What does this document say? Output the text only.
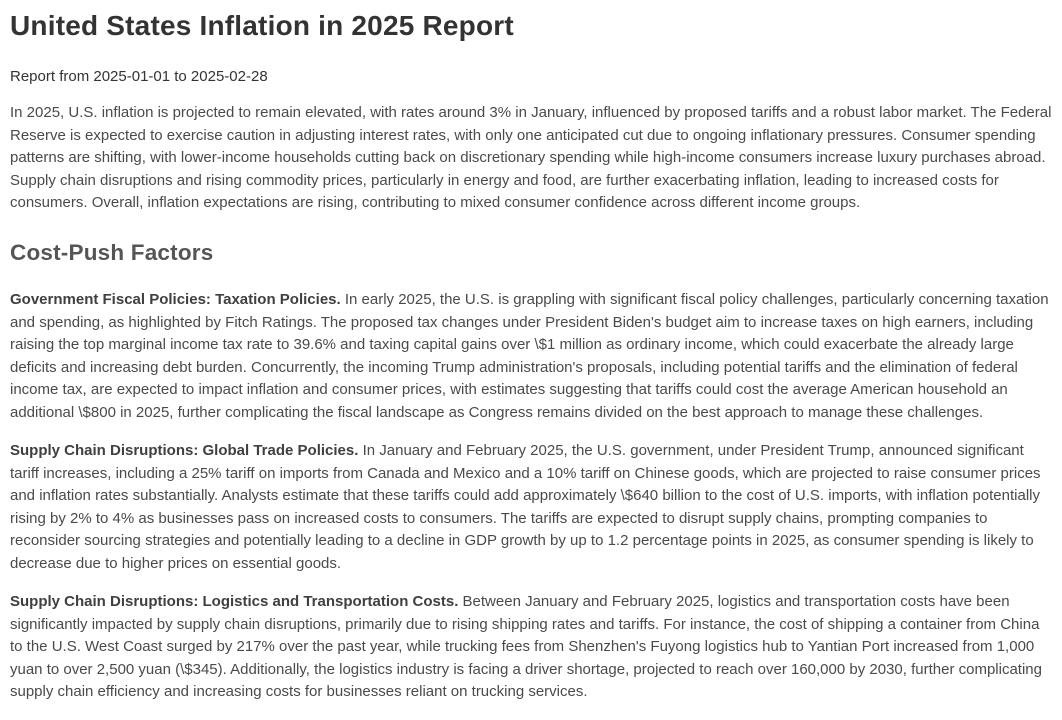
United States Inflation in 2025 Report

Report from 2025-01-01 to 2025-02-28

In 2025, U.S. inflation is projected to remain elevated, with rates around 3% in January, influenced by proposed tariffs and a robust labor market. The Federal Reserve is expected to exercise caution in adjusting interest rates, with only one anticipated cut due to ongoing inflationary pressures. Consumer spending patterns are shifting, with lower-income households cutting back on discretionary spending while high-income consumers increase luxury purchases abroad. Supply chain disruptions and rising commodity prices, particularly in energy and food, are further exacerbating inflation, leading to increased costs for consumers. Overall, inflation expectations are rising, contributing to mixed consumer confidence across different income groups.

Cost-Push Factors

Government Fiscal Policies: Taxation Policies. In early 2025, the U.S. is grappling with significant fiscal policy challenges, particularly concerning taxation and spending, as highlighted by Fitch Ratings. The proposed tax changes under President Biden's budget aim to increase taxes on high earners, including raising the top marginal income tax rate to 39.6% and taxing capital gains over \$1 million as ordinary income, which could exacerbate the already large deficits and increasing debt burden. Concurrently, the incoming Trump administration's proposals, including potential tariffs and the elimination of federal income tax, are expected to impact inflation and consumer prices, with estimates suggesting that tariffs could cost the average American household an additional \$800 in 2025, further complicating the fiscal landscape as Congress remains divided on the best approach to manage these challenges.

Supply Chain Disruptions: Global Trade Policies. In January and February 2025, the U.S. government, under President Trump, announced significant tariff increases, including a 25% tariff on imports from Canada and Mexico and a 10% tariff on Chinese goods, which are projected to raise consumer prices and inflation rates substantially. Analysts estimate that these tariffs could add approximately \$640 billion to the cost of U.S. imports, with inflation potentially rising by 2% to 4% as businesses pass on increased costs to consumers. The tariffs are expected to disrupt supply chains, prompting companies to reconsider sourcing strategies and potentially leading to a decline in GDP growth by up to 1.2 percentage points in 2025, as consumer spending is likely to decrease due to higher prices on essential goods.

Supply Chain Disruptions: Logistics and Transportation Costs. Between January and February 2025, logistics and transportation costs have been significantly impacted by supply chain disruptions, primarily due to rising shipping rates and tariffs. For instance, the cost of shipping a container from China to the U.S. West Coast surged by 217% over the past year, while trucking fees from Shenzhen's Fuyong logistics hub to Yantian Port increased from 1,000 yuan to over 2,500 yuan (\$345). Additionally, the logistics industry is facing a driver shortage, projected to reach over 160,000 by 2030, further complicating supply chain efficiency and increasing costs for businesses reliant on trucking services.
